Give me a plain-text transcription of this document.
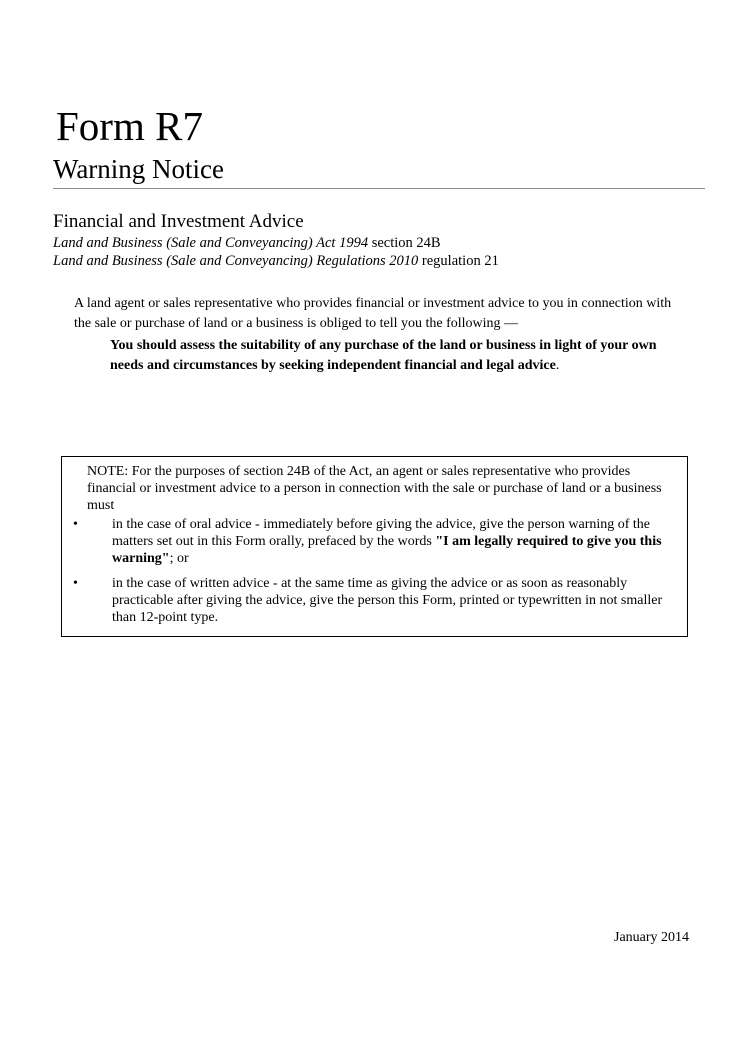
Form R7
Warning Notice
Financial and Investment Advice
Land and Business (Sale and Conveyancing) Act 1994 section 24B
Land and Business (Sale and Conveyancing) Regulations 2010 regulation 21

A land agent or sales representative who provides financial or investment advice to you in connection with the sale or purchase of land or a business is obliged to tell you the following —

You should assess the suitability of any purchase of the land or business in light of your own needs and circumstances by seeking independent financial and legal advice.

NOTE: For the purposes of section 24B of the Act, an agent or sales representative who provides financial or investment advice to a person in connection with the sale or purchase of land or a business must

• in the case of oral advice - immediately before giving the advice, give the person warning of the matters set out in this Form orally, prefaced by the words "I am legally required to give you this warning"; or

• in the case of written advice - at the same time as giving the advice or as soon as reasonably practicable after giving the advice, give the person this Form, printed or typewritten in not smaller than 12-point type.

January 2014
